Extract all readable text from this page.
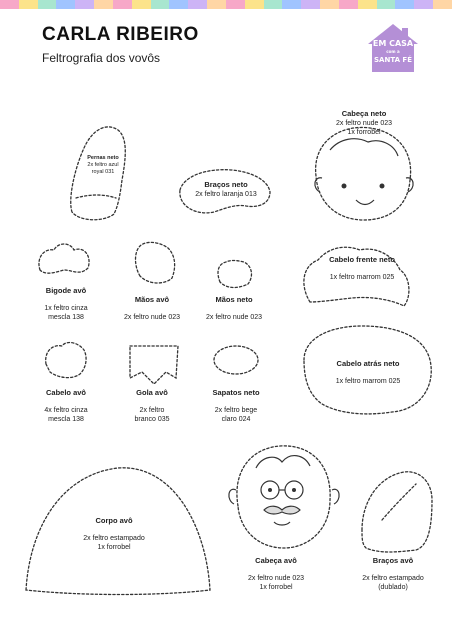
CARLA RIBEIRO
Feltrografia dos vovôs
EM CASA
com a
SANTA FÉ
Pernas neto
2x feltro azul
royal 031
Braços neto
2x feltro laranja 013
Cabeça neto
2x feltro nude 023
1x forrobel
Bigode avô
1x feltro cinza
mescla 138
Mãos avô
2x feltro nude 023
Mãos neto
2x feltro nude 023
Cabelo frente neto
1x feltro marrom 025
Cabelo avô
4x feltro cinza
mescla 138
Gola avô
2x feltro
branco 035
Sapatos neto
2x feltro bege
claro 024
Cabelo atrás neto
1x feltro marrom 025
Corpo avô
2x feltro estampado
1x forrobel
Cabeça avô
2x feltro nude 023
1x forrobel
Braços avô
2x feltro estampado
(dublado)
